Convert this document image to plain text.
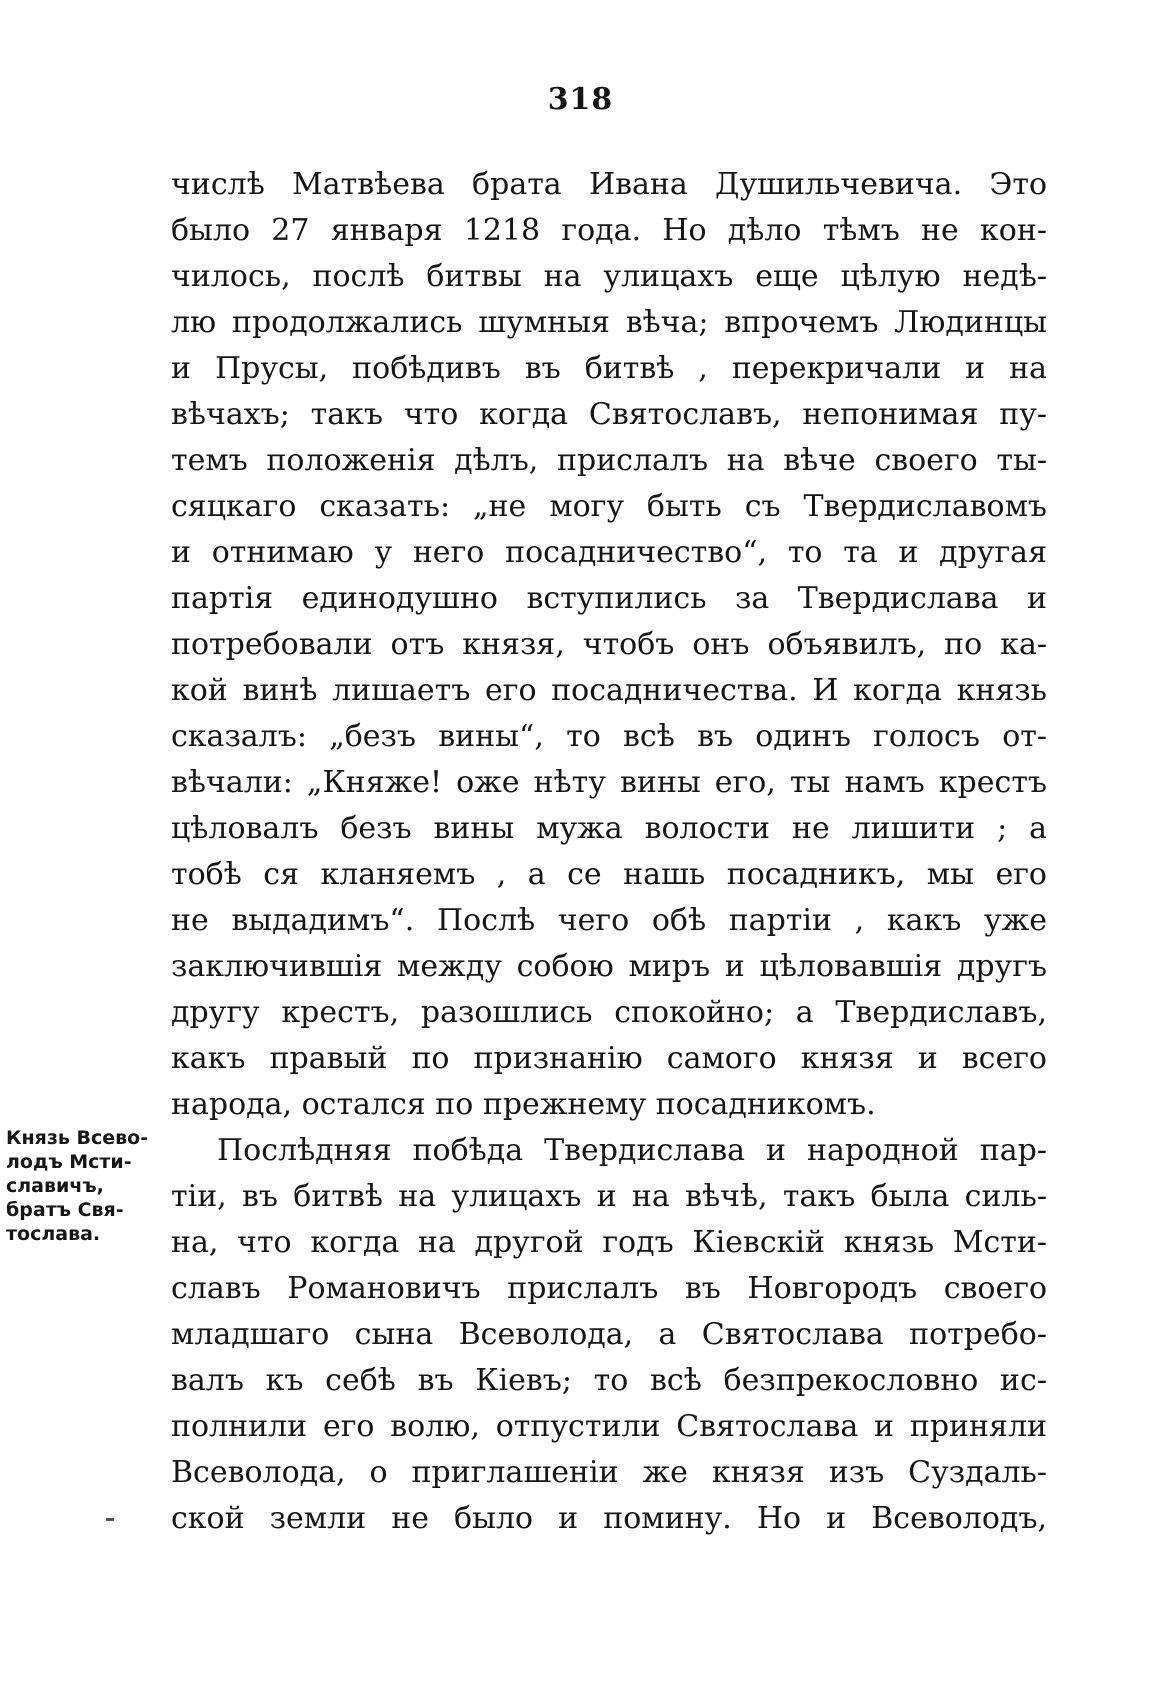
318
числѣ Матвѣева брата Ивана Душильчевича. Это
было 27 января 1218 года. Но дѣло тѣмъ не кон-
чилось, послѣ битвы на улицахъ еще цѣлую недѣ-
лю продолжались шумныя вѣча; впрочемъ Людинцы
и Прусы, побѣдивъ въ битвѣ , перекричали и на
вѣчахъ; такъ что когда Святославъ, непонимая пу-
темъ положенія дѣлъ, прислалъ на вѣче своего ты-
сяцкаго сказать: „не могу быть съ Твердиславомъ
и отнимаю у него посадничество“, то та и другая
партія единодушно вступились за Твердислава и
потребовали отъ князя, чтобъ онъ объявилъ, по ка-
кой винѣ лишаетъ его посадничества. И когда князь
сказалъ: „безъ вины“, то всѣ въ одинъ голосъ от-
вѣчали: „Княже! оже нѣту вины его, ты намъ крестъ
цѣловалъ безъ вины мужа волости не лишити ; а
тобѣ ся кланяемъ , а се нашь посадникъ, мы его
не выдадимъ“. Послѣ чего обѣ партіи , какъ уже
заключившія между собою миръ и цѣловавшія другъ
другу крестъ, разошлись спокойно; а Твердиславъ,
какъ правый по признанію самого князя и всего
народа, остался по прежнему посадникомъ.
Послѣдняя побѣда Твердислава и народной пар-
тіи, въ битвѣ на улицахъ и на вѣчѣ, такъ была силь-
на, что когда на другой годъ Кіевскій князь Мсти-
славъ Романовичъ прислалъ въ Новгородъ своего
младшаго сына Всеволода, а Святослава потребо-
валъ къ себѣ въ Кіевъ; то всѣ безпрекословно ис-
полнили его волю, отпустили Святослава и приняли
Всеволода, о приглашеніи же князя изъ Суздаль-
ской земли не было и помину. Но и Всеволодъ,
Князь Всево-
лодъ Мсти-
славичъ,
братъ Свя-
тослава.
